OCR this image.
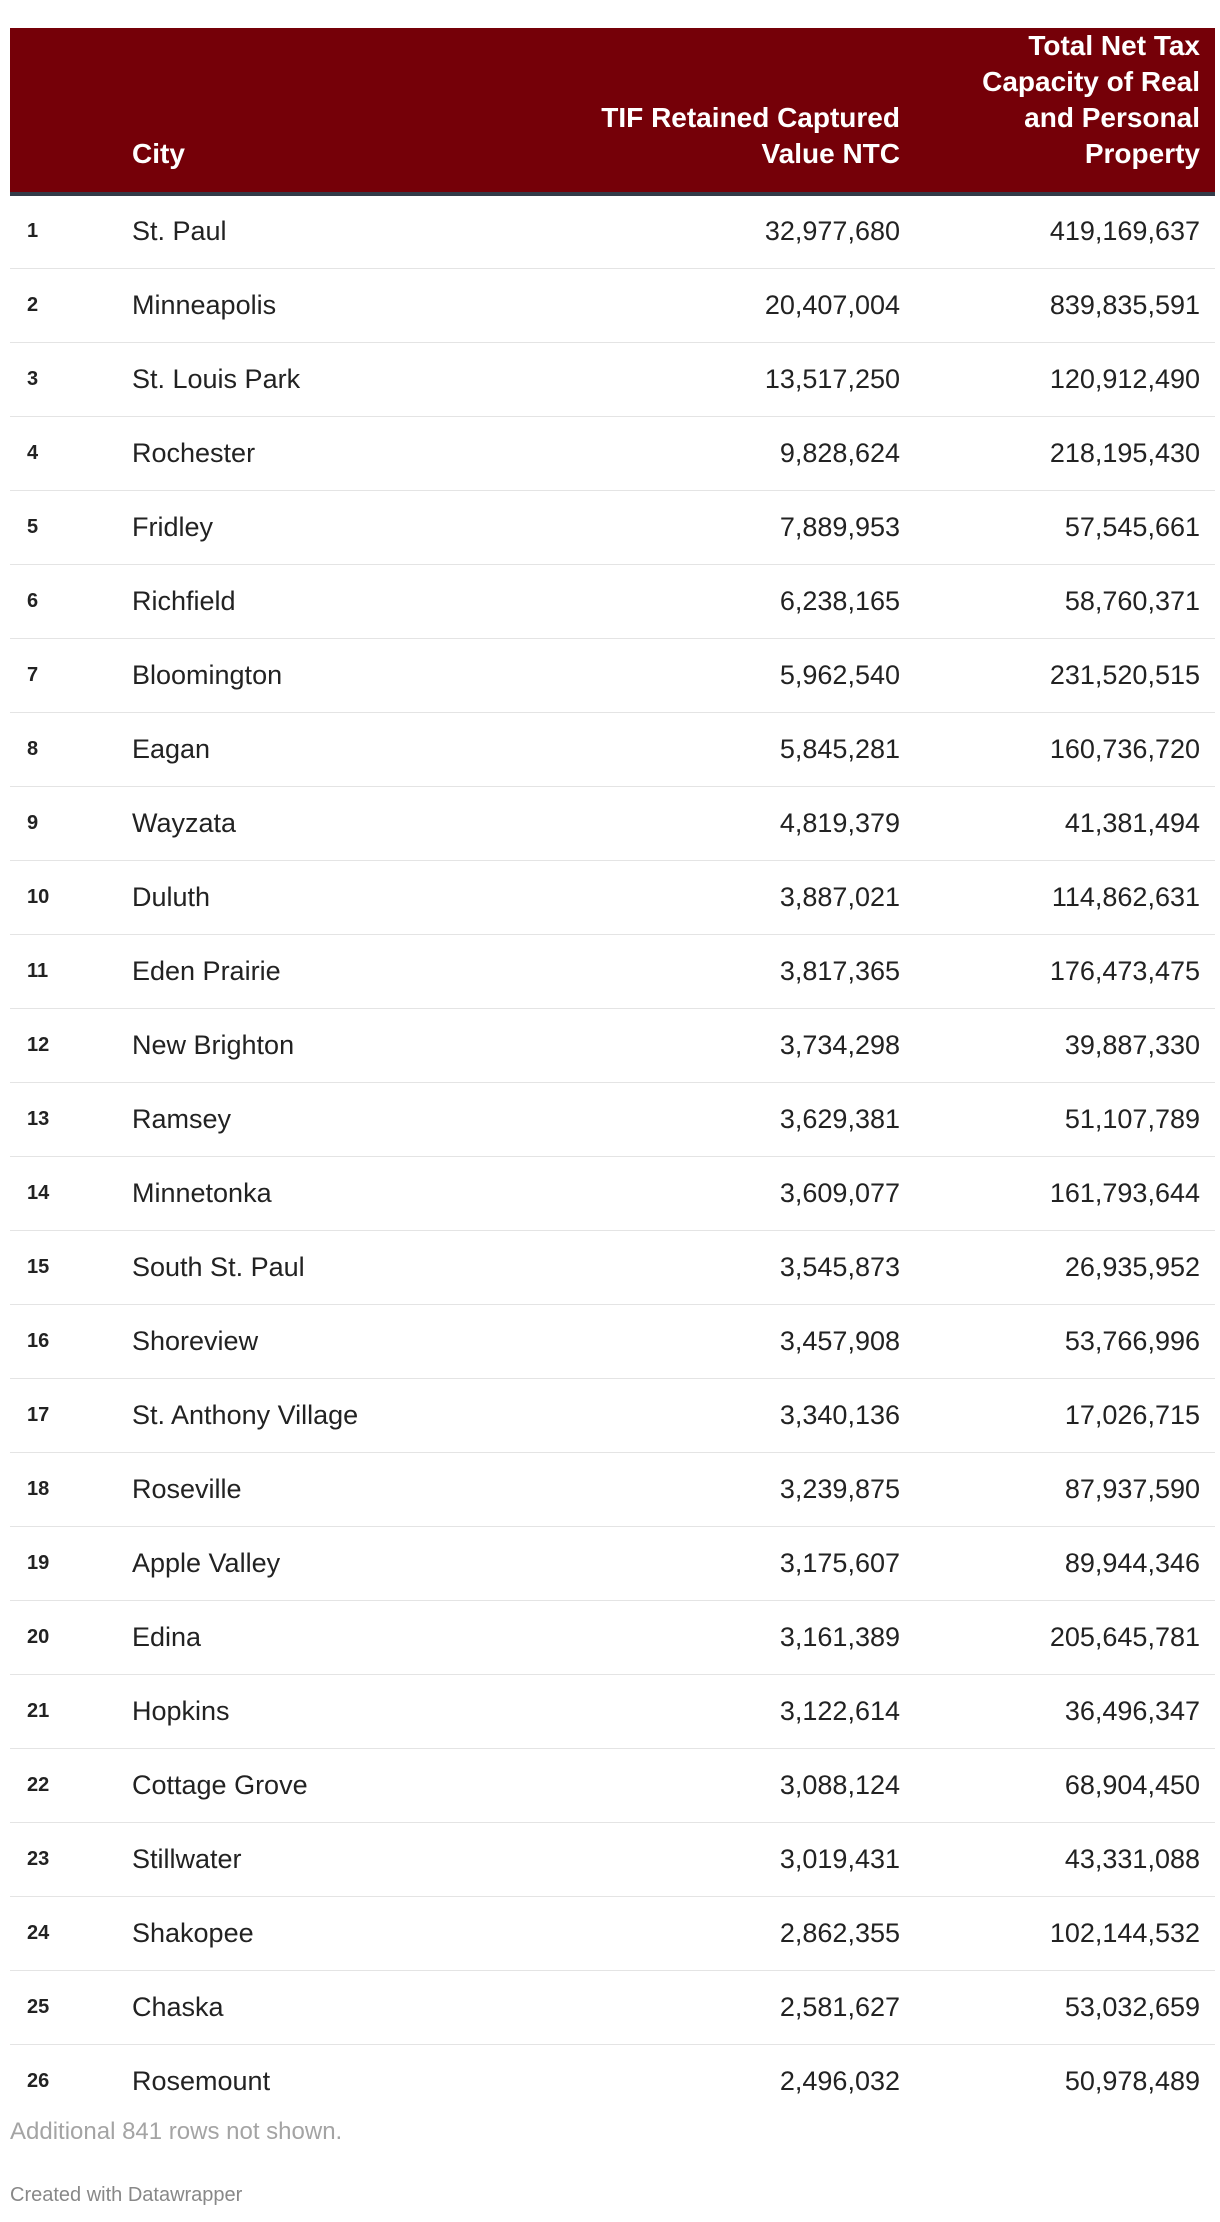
	City	TIF Retained Captured Value NTC	Total Net Tax Capacity of Real and Personal Property
1	St. Paul	32,977,680	419,169,637
2	Minneapolis	20,407,004	839,835,591
3	St. Louis Park	13,517,250	120,912,490
4	Rochester	9,828,624	218,195,430
5	Fridley	7,889,953	57,545,661
6	Richfield	6,238,165	58,760,371
7	Bloomington	5,962,540	231,520,515
8	Eagan	5,845,281	160,736,720
9	Wayzata	4,819,379	41,381,494
10	Duluth	3,887,021	114,862,631
11	Eden Prairie	3,817,365	176,473,475
12	New Brighton	3,734,298	39,887,330
13	Ramsey	3,629,381	51,107,789
14	Minnetonka	3,609,077	161,793,644
15	South St. Paul	3,545,873	26,935,952
16	Shoreview	3,457,908	53,766,996
17	St. Anthony Village	3,340,136	17,026,715
18	Roseville	3,239,875	87,937,590
19	Apple Valley	3,175,607	89,944,346
20	Edina	3,161,389	205,645,781
21	Hopkins	3,122,614	36,496,347
22	Cottage Grove	3,088,124	68,904,450
23	Stillwater	3,019,431	43,331,088
24	Shakopee	2,862,355	102,144,532
25	Chaska	2,581,627	53,032,659
26	Rosemount	2,496,032	50,978,489
Additional 841 rows not shown.
Created with Datawrapper
